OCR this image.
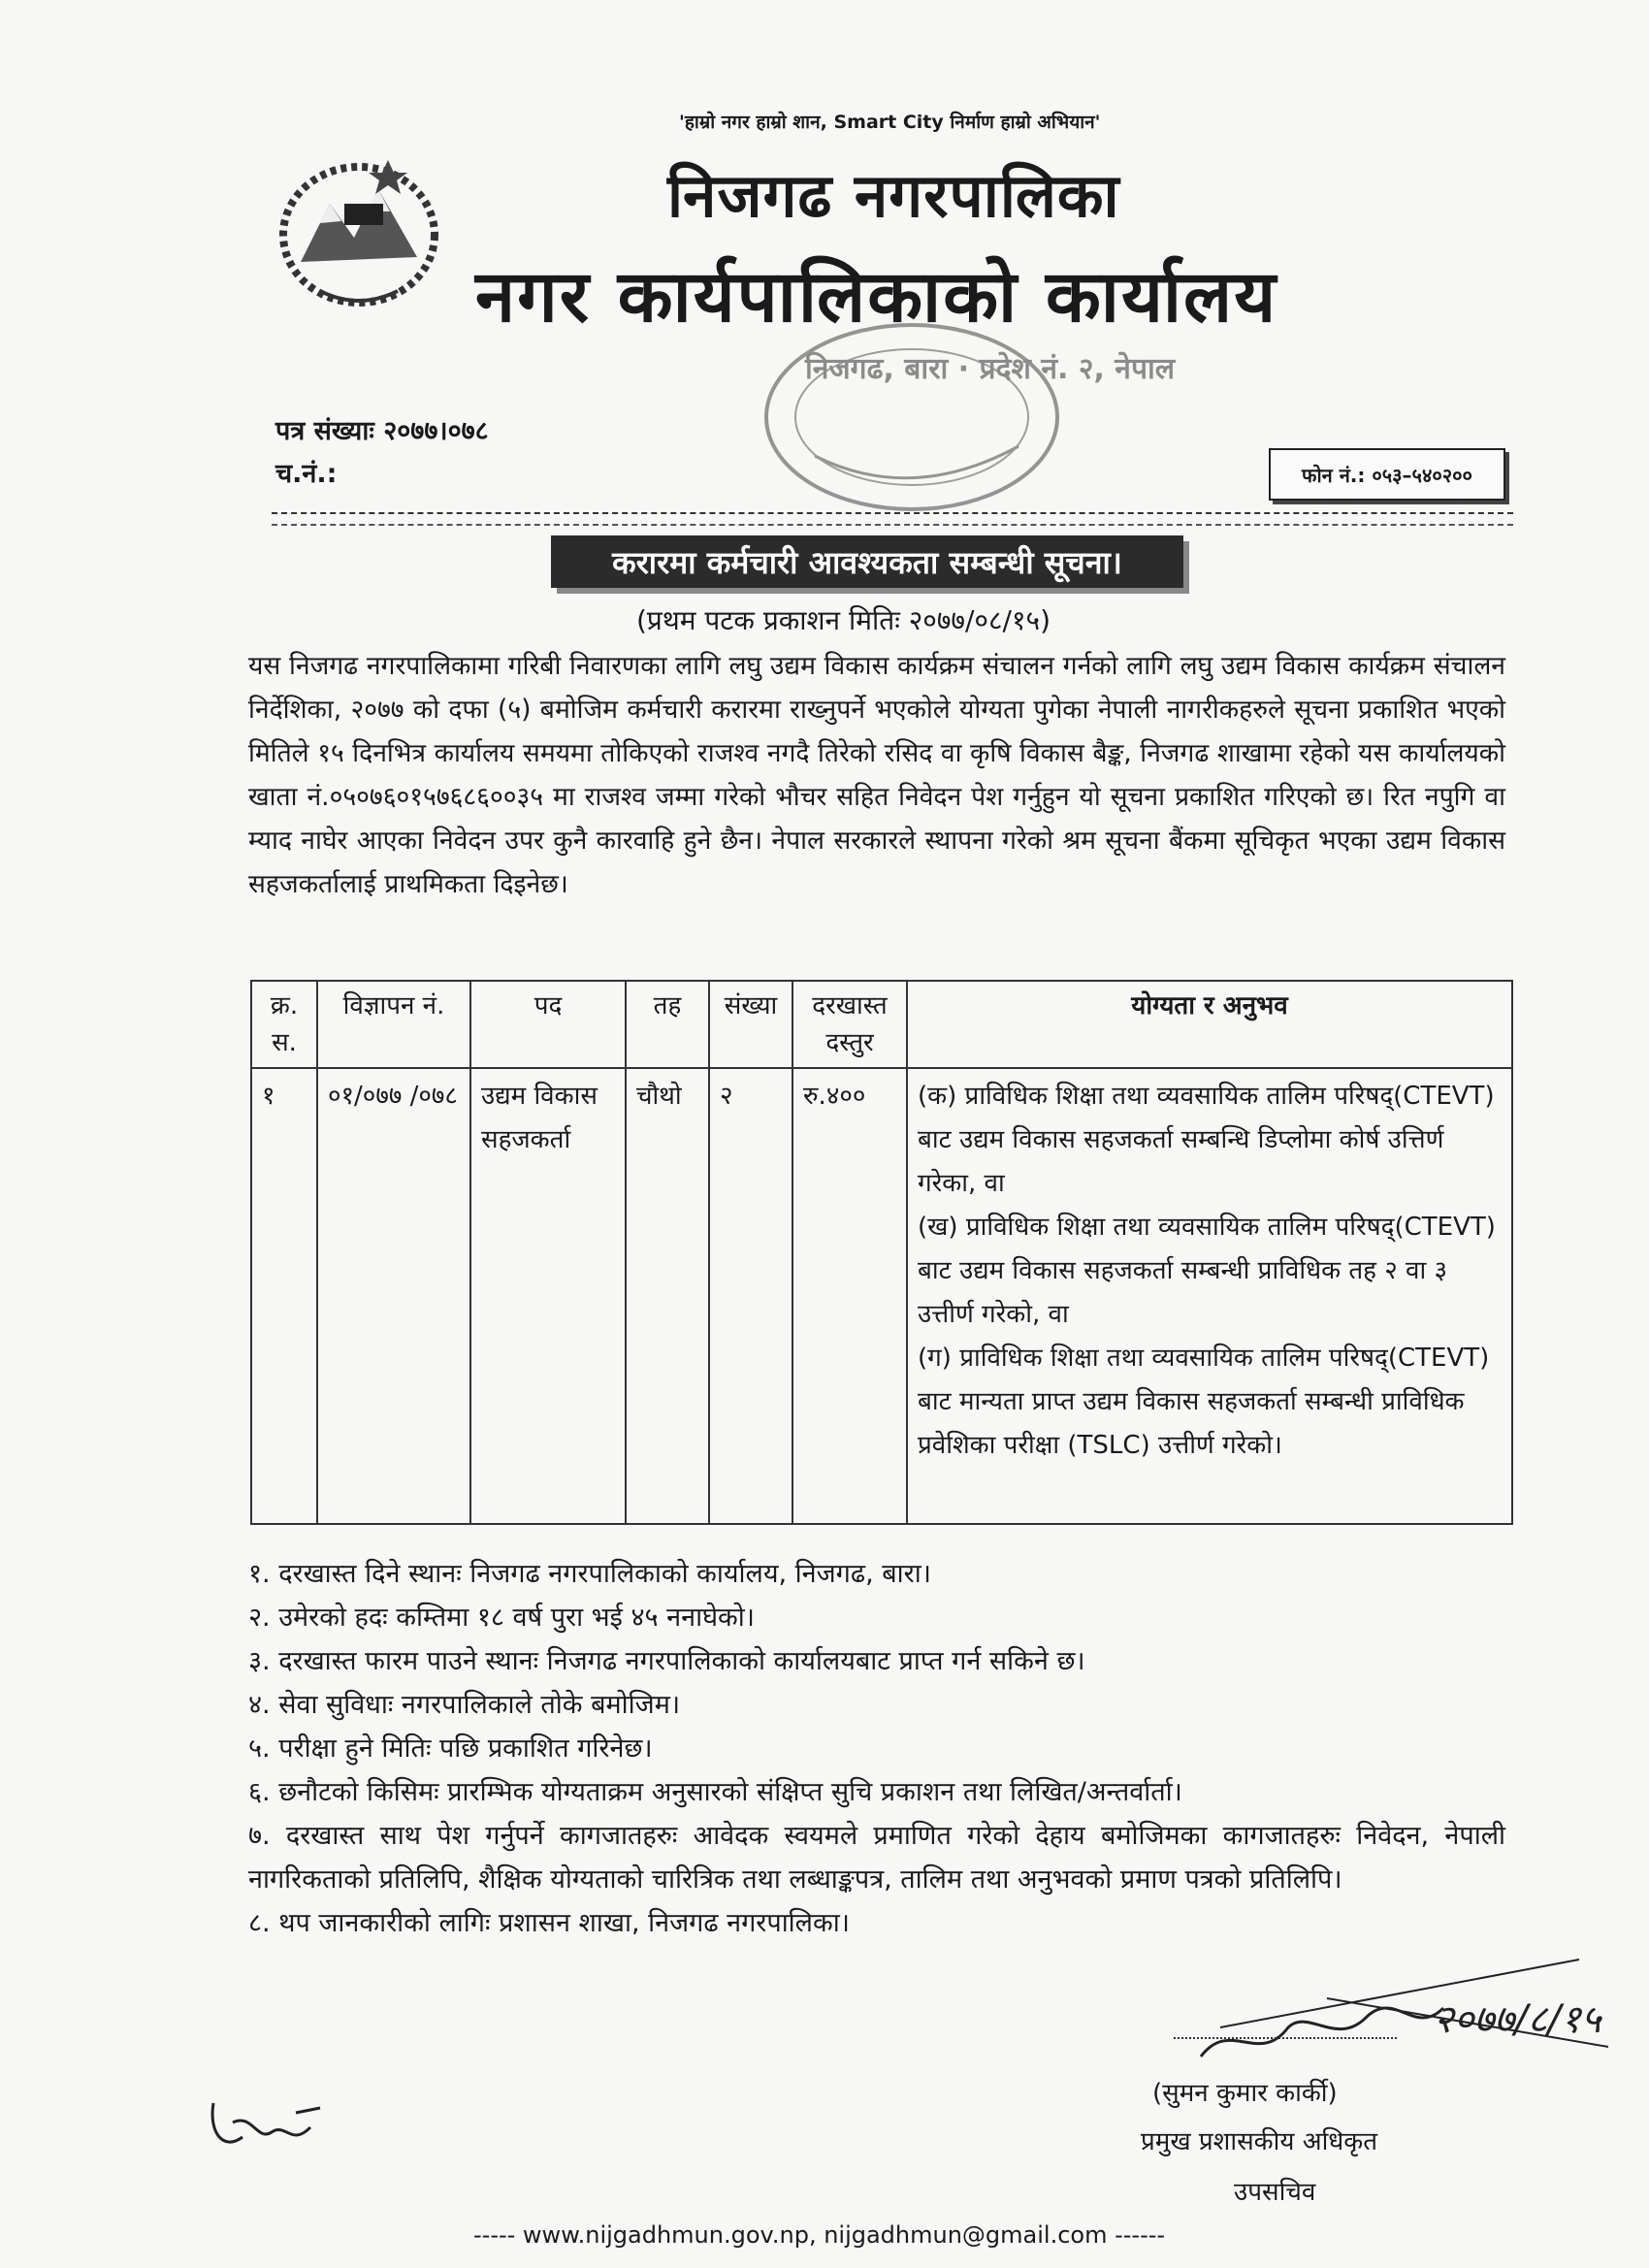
'हाम्रो नगर हाम्रो शान, Smart City निर्माण हाम्रो अभियान'
निजगढ नगरपालिका
नगर कार्यपालिकाको कार्यालय
निजगढ, बारा · प्रदेश नं. २, नेपाल
पत्र संख्याः २०७७।०७८
च.नं.:	फोन नं.: ०५३–५४०२००
करारमा कर्मचारी आवश्यकता सम्बन्धी सूचना।
(प्रथम पटक प्रकाशन मितिः २०७७/०८/१५)
यस निजगढ नगरपालिकामा गरिबी निवारणका लागि लघु उद्यम विकास कार्यक्रम संचालन गर्नको लागि लघु उद्यम विकास कार्यक्रम संचालन निर्देशिका, २०७७ को दफा (५) बमोजिम कर्मचारी करारमा राख्नुपर्ने भएकोले योग्यता पुगेका नेपाली नागरीकहरुले सूचना प्रकाशित भएको मितिले १५ दिनभित्र कार्यालय समयमा तोकिएको राजश्व नगदै तिरेको रसिद वा कृषि विकास बैङ्क, निजगढ शाखामा रहेको यस कार्यालयको खाता नं.०५०७६०१५७६८६००३५ मा राजश्व जम्मा गरेको भौचर सहित निवेदन पेश गर्नुहुन यो सूचना प्रकाशित गरिएको छ। रित नपुगि वा म्याद नाघेर आएका निवेदन उपर कुनै कारवाहि हुने छैन। नेपाल सरकारले स्थापना गरेको श्रम सूचना बैंकमा सूचिकृत भएका उद्यम विकास सहजकर्तालाई प्राथमिकता दिइनेछ।
क्र. स.	विज्ञापन नं.	पद	तह	संख्या	दरखास्त दस्तुर	योग्यता र अनुभव
१	०१/०७७ /०७८	उद्यम विकास सहजकर्ता	चौथो	२	रु.४००	(क) प्राविधिक शिक्षा तथा व्यवसायिक तालिम परिषद्(CTEVT) बाट उद्यम विकास सहजकर्ता सम्बन्धि डिप्लोमा कोर्ष उत्तिर्ण गरेका, वा
(ख) प्राविधिक शिक्षा तथा व्यवसायिक तालिम परिषद्(CTEVT) बाट उद्यम विकास सहजकर्ता सम्बन्धी प्राविधिक तह २ वा ३ उत्तीर्ण गरेको, वा
(ग) प्राविधिक शिक्षा तथा व्यवसायिक तालिम परिषद्(CTEVT) बाट मान्यता प्राप्त उद्यम विकास सहजकर्ता सम्बन्धी प्राविधिक प्रवेशिका परीक्षा (TSLC) उत्तीर्ण गरेको।
१. दरखास्त दिने स्थानः निजगढ नगरपालिकाको कार्यालय, निजगढ, बारा।
२. उमेरको हदः कम्तिमा १८ वर्ष पुरा भई ४५ ननाघेको।
३. दरखास्त फारम पाउने स्थानः निजगढ नगरपालिकाको कार्यालयबाट प्राप्त गर्न सकिने छ।
४. सेवा सुविधाः नगरपालिकाले तोके बमोजिम।
५. परीक्षा हुने मितिः पछि प्रकाशित गरिनेछ।
६. छनौटको किसिमः प्रारम्भिक योग्यताक्रम अनुसारको संक्षिप्त सुचि प्रकाशन तथा लिखित/अन्तर्वार्ता।
७. दरखास्त साथ पेश गर्नुपर्ने कागजातहरुः आवेदक स्वयमले प्रमाणित गरेको देहाय बमोजिमका कागजातहरुः निवेदन, नेपाली नागरिकताको प्रतिलिपि, शैक्षिक योग्यताको चारित्रिक तथा लब्धाङ्कपत्र, तालिम तथा अनुभवको प्रमाण पत्रको प्रतिलिपि।
८. थप जानकारीको लागिः प्रशासन शाखा, निजगढ नगरपालिका।
२०७७/८/१५
(सुमन कुमार कार्की)
प्रमुख प्रशासकीय अधिकृत
उपसचिव
----- www.nijgadhmun.gov.np, nijgadhmun@gmail.com ------
